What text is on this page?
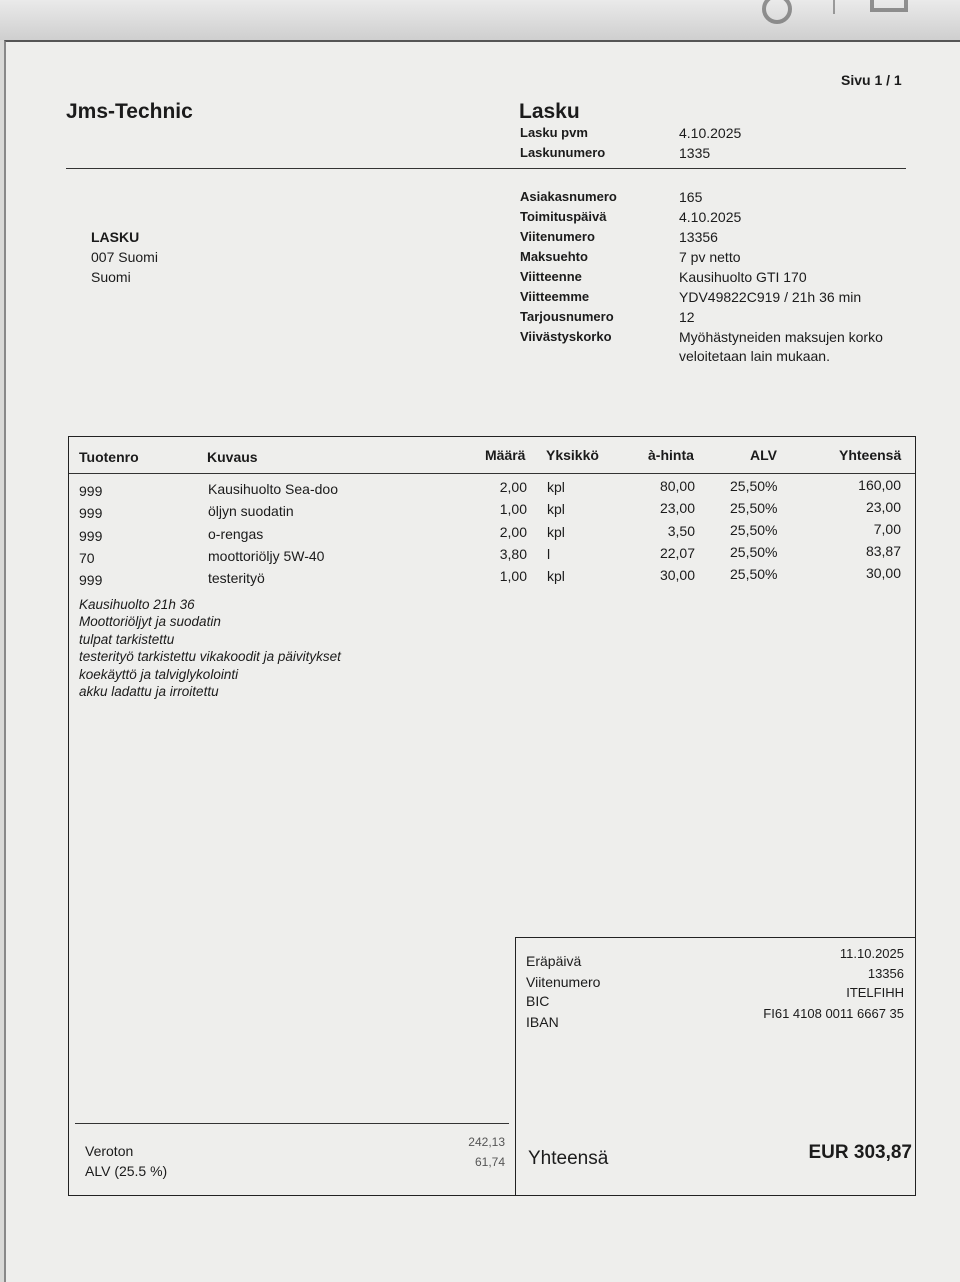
Sivu 1 / 1
Jms-Technic	Lasku
Lasku pvm	4.10.2025
Laskunumero	1335
Asiakasnumero	165
Toimituspäivä	4.10.2025
Viitenumero	13356
Maksuehto	7 pv netto
Viitteenne	Kausihuolto GTI 170
Viitteemme	YDV49822C919 / 21h 36 min
Tarjousnumero	12
Viivästyskorko	Myöhästyneiden maksujen korko
veloitetaan lain mukaan.
LASKU
007 Suomi
Suomi
Tuotenro	Kuvaus	Määrä Yksikkö	à-hinta	ALV	Yhteensä
999	Kausihuolto Sea-doo	2,00 kpl	80,00	25,50%	160,00
999	öljyn suodatin	1,00 kpl	23,00	25,50%	23,00
999	o-rengas	2,00 kpl	3,50	25,50%	7,00
70	moottoriöljy 5W-40	3,80 l	22,07	25,50%	83,87
999	testerityö	1,00 kpl	30,00	25,50%	30,00
Kausihuolto 21h 36
Moottoriöljyt ja suodatin
tulpat tarkistettu
testerityö tarkistettu vikakoodit ja päivitykset
koekäyttö ja talviglykolointi
akku ladattu ja irroitettu
Eräpäivä	11.10.2025
Viitenumero
13356
BIC
ITELFIHH
IBAN
FI61 4108 0011 6667 35
Yhteensä	EUR 303,87
Veroton
242,13
ALV (25.5 %)
61,74
